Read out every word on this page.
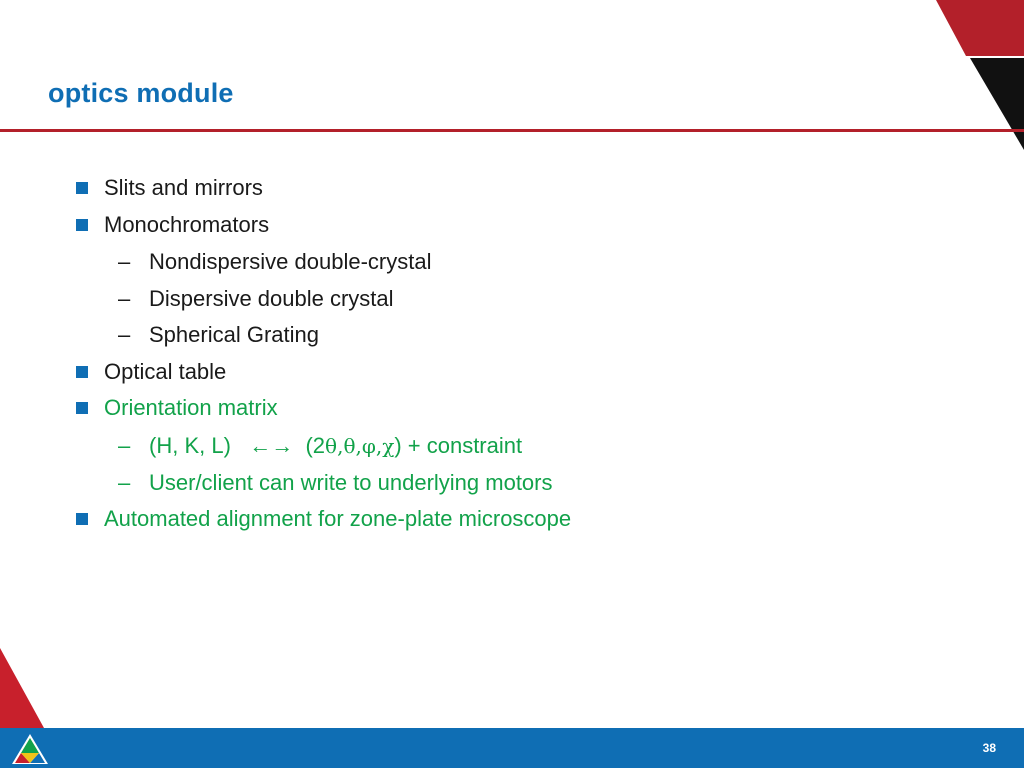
optics module
Slits and mirrors
Monochromators
– Nondispersive double-crystal
– Dispersive double crystal
– Spherical Grating
Optical table
Orientation matrix
– (H, K, L) ←→ (2θ,θ,φ,χ) + constraint
– User/client can write to underlying motors
Automated alignment for zone-plate microscope
38
